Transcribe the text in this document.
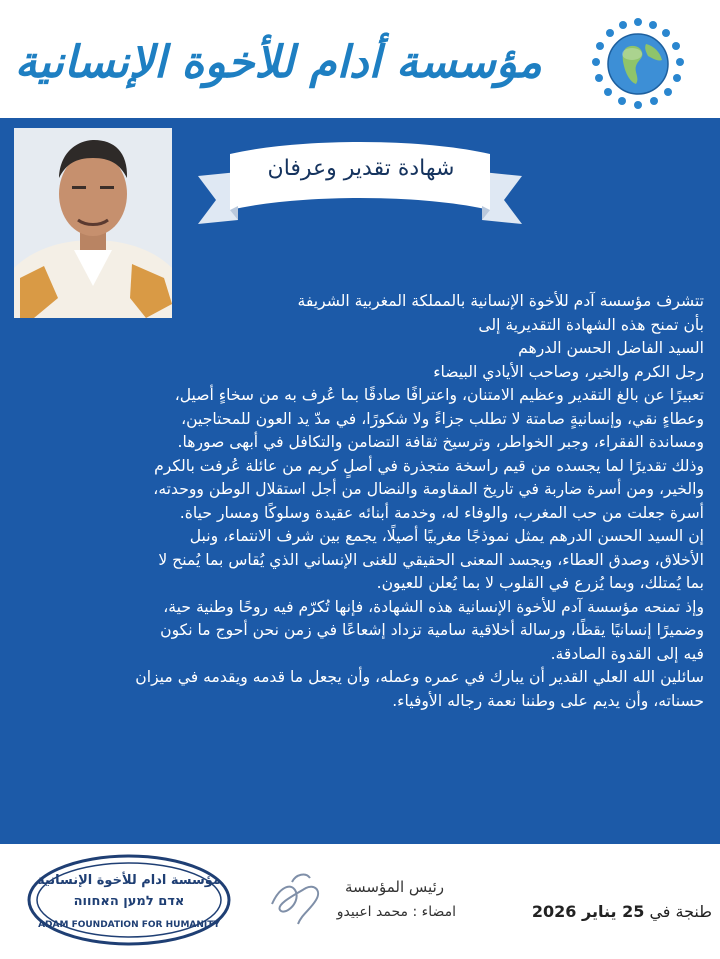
مؤسسة أدام للأخوة الإنسانية
شهادة تقدير وعرفان
تتشرف مؤسسة آدم للأخوة الإنسانية بالمملكة المغربية الشريفة
بأن تمنح هذه الشهادة التقديرية إلى
السيد الفاضل الحسن الدرهم
رجل الكرم والخير، وصاحب الأيادي البيضاء
تعبيرًا عن بالغ التقدير وعظيم الامتنان، واعترافًا صادقًا بما عُرف به من سخاءٍ أصيل،
وعطاءٍ نقي، وإنسانيةٍ صامتة لا تطلب جزاءً ولا شكورًا، في مدّ يد العون للمحتاجين،
ومساندة الفقراء، وجبر الخواطر، وترسيخ ثقافة التضامن والتكافل في أبهى صورها.
وذلك تقديرًا لما يجسده من قيم راسخة متجذرة في أصلٍ كريم من عائلة عُرفت بالكرم
والخير، ومن أسرة ضاربة في تاريخ المقاومة والنضال من أجل استقلال الوطن ووحدته،
أسرة جعلت من حب المغرب، والوفاء له، وخدمة أبنائه عقيدة وسلوكًا ومسار حياة.
إن السيد الحسن الدرهم يمثل نموذجًا مغربيًا أصيلًا، يجمع بين شرف الانتماء، ونبل
الأخلاق، وصدق العطاء، ويجسد المعنى الحقيقي للغنى الإنساني الذي يُقاس بما يُمنح لا
بما يُمتلك، وبما يُزرع في القلوب لا بما يُعلن للعيون.
وإذ تمنحه مؤسسة آدم للأخوة الإنسانية هذه الشهادة، فإنها تُكرّم فيه روحًا وطنية حية،
وضميرًا إنسانيًا يقظًا، ورسالة أخلاقية سامية تزداد إشعاعًا في زمن نحن أحوج ما نكون
فيه إلى القدوة الصادقة.
سائلين الله العلي القدير أن يبارك في عمره وعمله، وأن يجعل ما قدمه ويقدمه في ميزان
حسناته، وأن يديم على وطننا نعمة رجاله الأوفياء.
مؤسسة ادام للأخوة الإنسانية
אדם למען האחווה
ADAM FOUNDATION FOR HUMANITY
رئيس المؤسسة
امضاء : محمد اعبيدو	طنجة في 25 يناير 2026
